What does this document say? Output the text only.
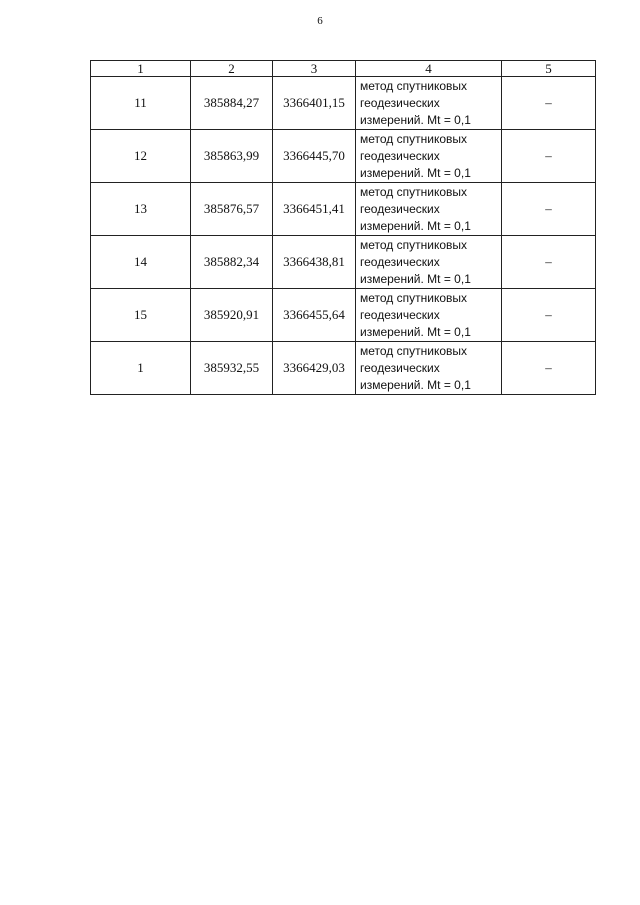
6
1	2	3	4	5
11	385884,27	3366401,15	метод спутниковых
геодезических
измерений. Mt = 0,1	–
12	385863,99	3366445,70	метод спутниковых
геодезических
измерений. Mt = 0,1	–
13	385876,57	3366451,41	метод спутниковых
геодезических
измерений. Mt = 0,1	–
14	385882,34	3366438,81	метод спутниковых
геодезических
измерений. Mt = 0,1	–
15	385920,91	3366455,64	метод спутниковых
геодезических
измерений. Mt = 0,1	–
1	385932,55	3366429,03	метод спутниковых
геодезических
измерений. Mt = 0,1	–
